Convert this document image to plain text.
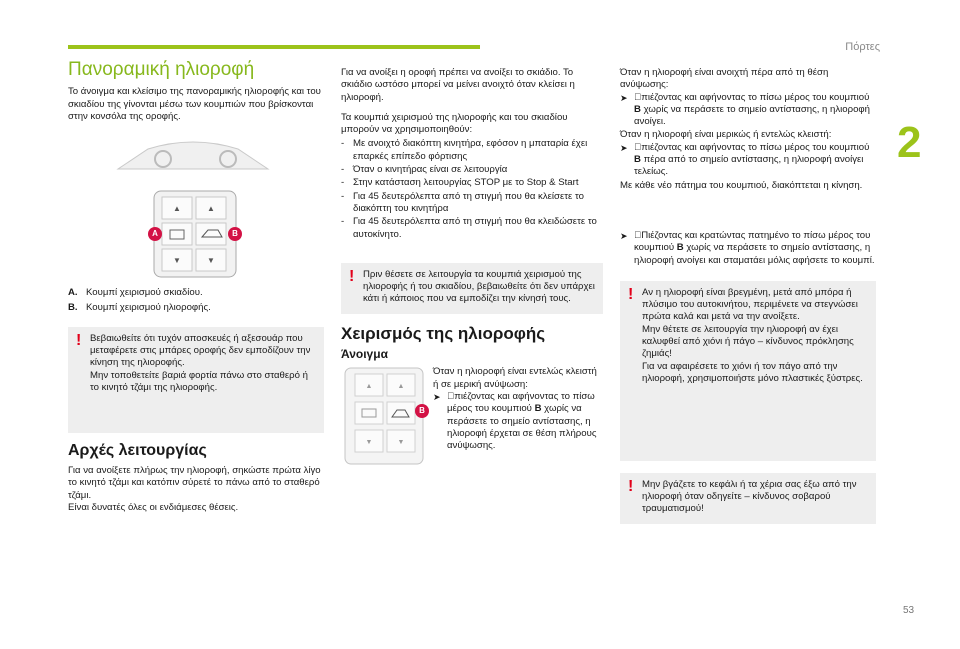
Πόρτες
2
53
Πανοραμική ηλιοροφή

Το άνοιγμα και κλείσιμο της πανοραμικής ηλιοροφής και του σκιαδίου της γίνονται μέσω των κουμπιών που βρίσκονται στην κονσόλα της οροφής.

▲	▲
▼	▼
A	B
A. Κουμπί χειρισμού σκιαδίου.
B. Κουμπί χειρισμού ηλιοροφής.
! Βεβαιωθείτε ότι τυχόν αποσκευές ή αξεσουάρ που μεταφέρετε στις μπάρες οροφής δεν εμποδίζουν την κίνηση της ηλιοροφής.
Μην τοποθετείτε βαριά φορτία πάνω στο σταθερό ή το κινητό τζάμι της ηλιοροφής.
Αρχές λειτουργίας

Για να ανοίξετε πλήρως την ηλιοροφή, σηκώστε πρώτα λίγο το κινητό τζάμι και κατόπιν σύρετέ το πάνω από το σταθερό τζάμι.
Είναι δυνατές όλες οι ενδιάμεσες θέσεις.

Για να ανοίξει η οροφή πρέπει να ανοίξει το σκιάδιο. Το σκιάδιο ωστόσο μπορεί να μείνει ανοιχτό όταν κλείσει η ηλιοροφή.

Τα κουμπιά χειρισμού της ηλιοροφής και του σκιαδίου μπορούν να χρησιμοποιηθούν:

- Με ανοιχτό διακόπτη κινητήρα, εφόσον η μπαταρία έχει επαρκές επίπεδο φόρτισης
- Όταν ο κινητήρας είναι σε λειτουργία
- Στην κατάσταση λειτουργίας STOP με το Stop & Start
- Για 45 δευτερόλεπτα από τη στιγμή που θα κλείσετε το διακόπτη του κινητήρα
- Για 45 δευτερόλεπτα από τη στιγμή που θα κλειδώσετε το αυτοκίνητο.
! Πριν θέσετε σε λειτουργία τα κουμπιά χειρισμού της ηλιοροφής ή του σκιαδίου, βεβαιωθείτε ότι δεν υπάρχει κάτι ή κάποιος που να εμποδίζει την κίνησή τους.
Χειρισμός της ηλιοροφής
Άνοιγμα
▲	▲
▼	▼
B

Όταν η ηλιοροφή είναι εντελώς κλειστή ή σε μερική ανύψωση:

➤ πιέζοντας και αφήνοντας το πίσω μέρος του κουμπιού B χωρίς να περάσετε το σημείο αντίστασης, η ηλιοροφή έρχεται σε θέση πλήρους ανύψωσης.

Όταν η ηλιοροφή είναι ανοιχτή πέρα από τη θέση ανύψωσης:

➤ πιέζοντας και αφήνοντας το πίσω μέρος του κουμπιού B χωρίς να περάσετε το σημείο αντίστασης, η ηλιοροφή ανοίγει.

Όταν η ηλιοροφή είναι μερικώς ή εντελώς κλειστή:

➤ πιέζοντας και αφήνοντας το πίσω μέρος του κουμπιού B πέρα από το σημείο αντίστασης, η ηλιοροφή ανοίγει τελείως.

Με κάθε νέο πάτημα του κουμπιού, διακόπτεται η κίνηση.

➤ Πιέζοντας και κρατώντας πατημένο το πίσω μέρος του κουμπιού B χωρίς να περάσετε το σημείο αντίστασης, η ηλιοροφή ανοίγει και σταματάει μόλις αφήσετε το κουμπί.
! Αν η ηλιοροφή είναι βρεγμένη, μετά από μπόρα ή πλύσιμο του αυτοκινήτου, περιμένετε να στεγνώσει πρώτα καλά και μετά να την ανοίξετε.
Μην θέτετε σε λειτουργία την ηλιοροφή αν έχει καλυφθεί από χιόνι ή πάγο – κίνδυνος πρόκλησης ζημιάς!
Για να αφαιρέσετε το χιόνι ή τον πάγο από την ηλιοροφή, χρησιμοποιήστε μόνο πλαστικές ξύστρες.
! Μην βγάζετε το κεφάλι ή τα χέρια σας έξω από την ηλιοροφή όταν οδηγείτε – κίνδυνος σοβαρού τραυματισμού!
